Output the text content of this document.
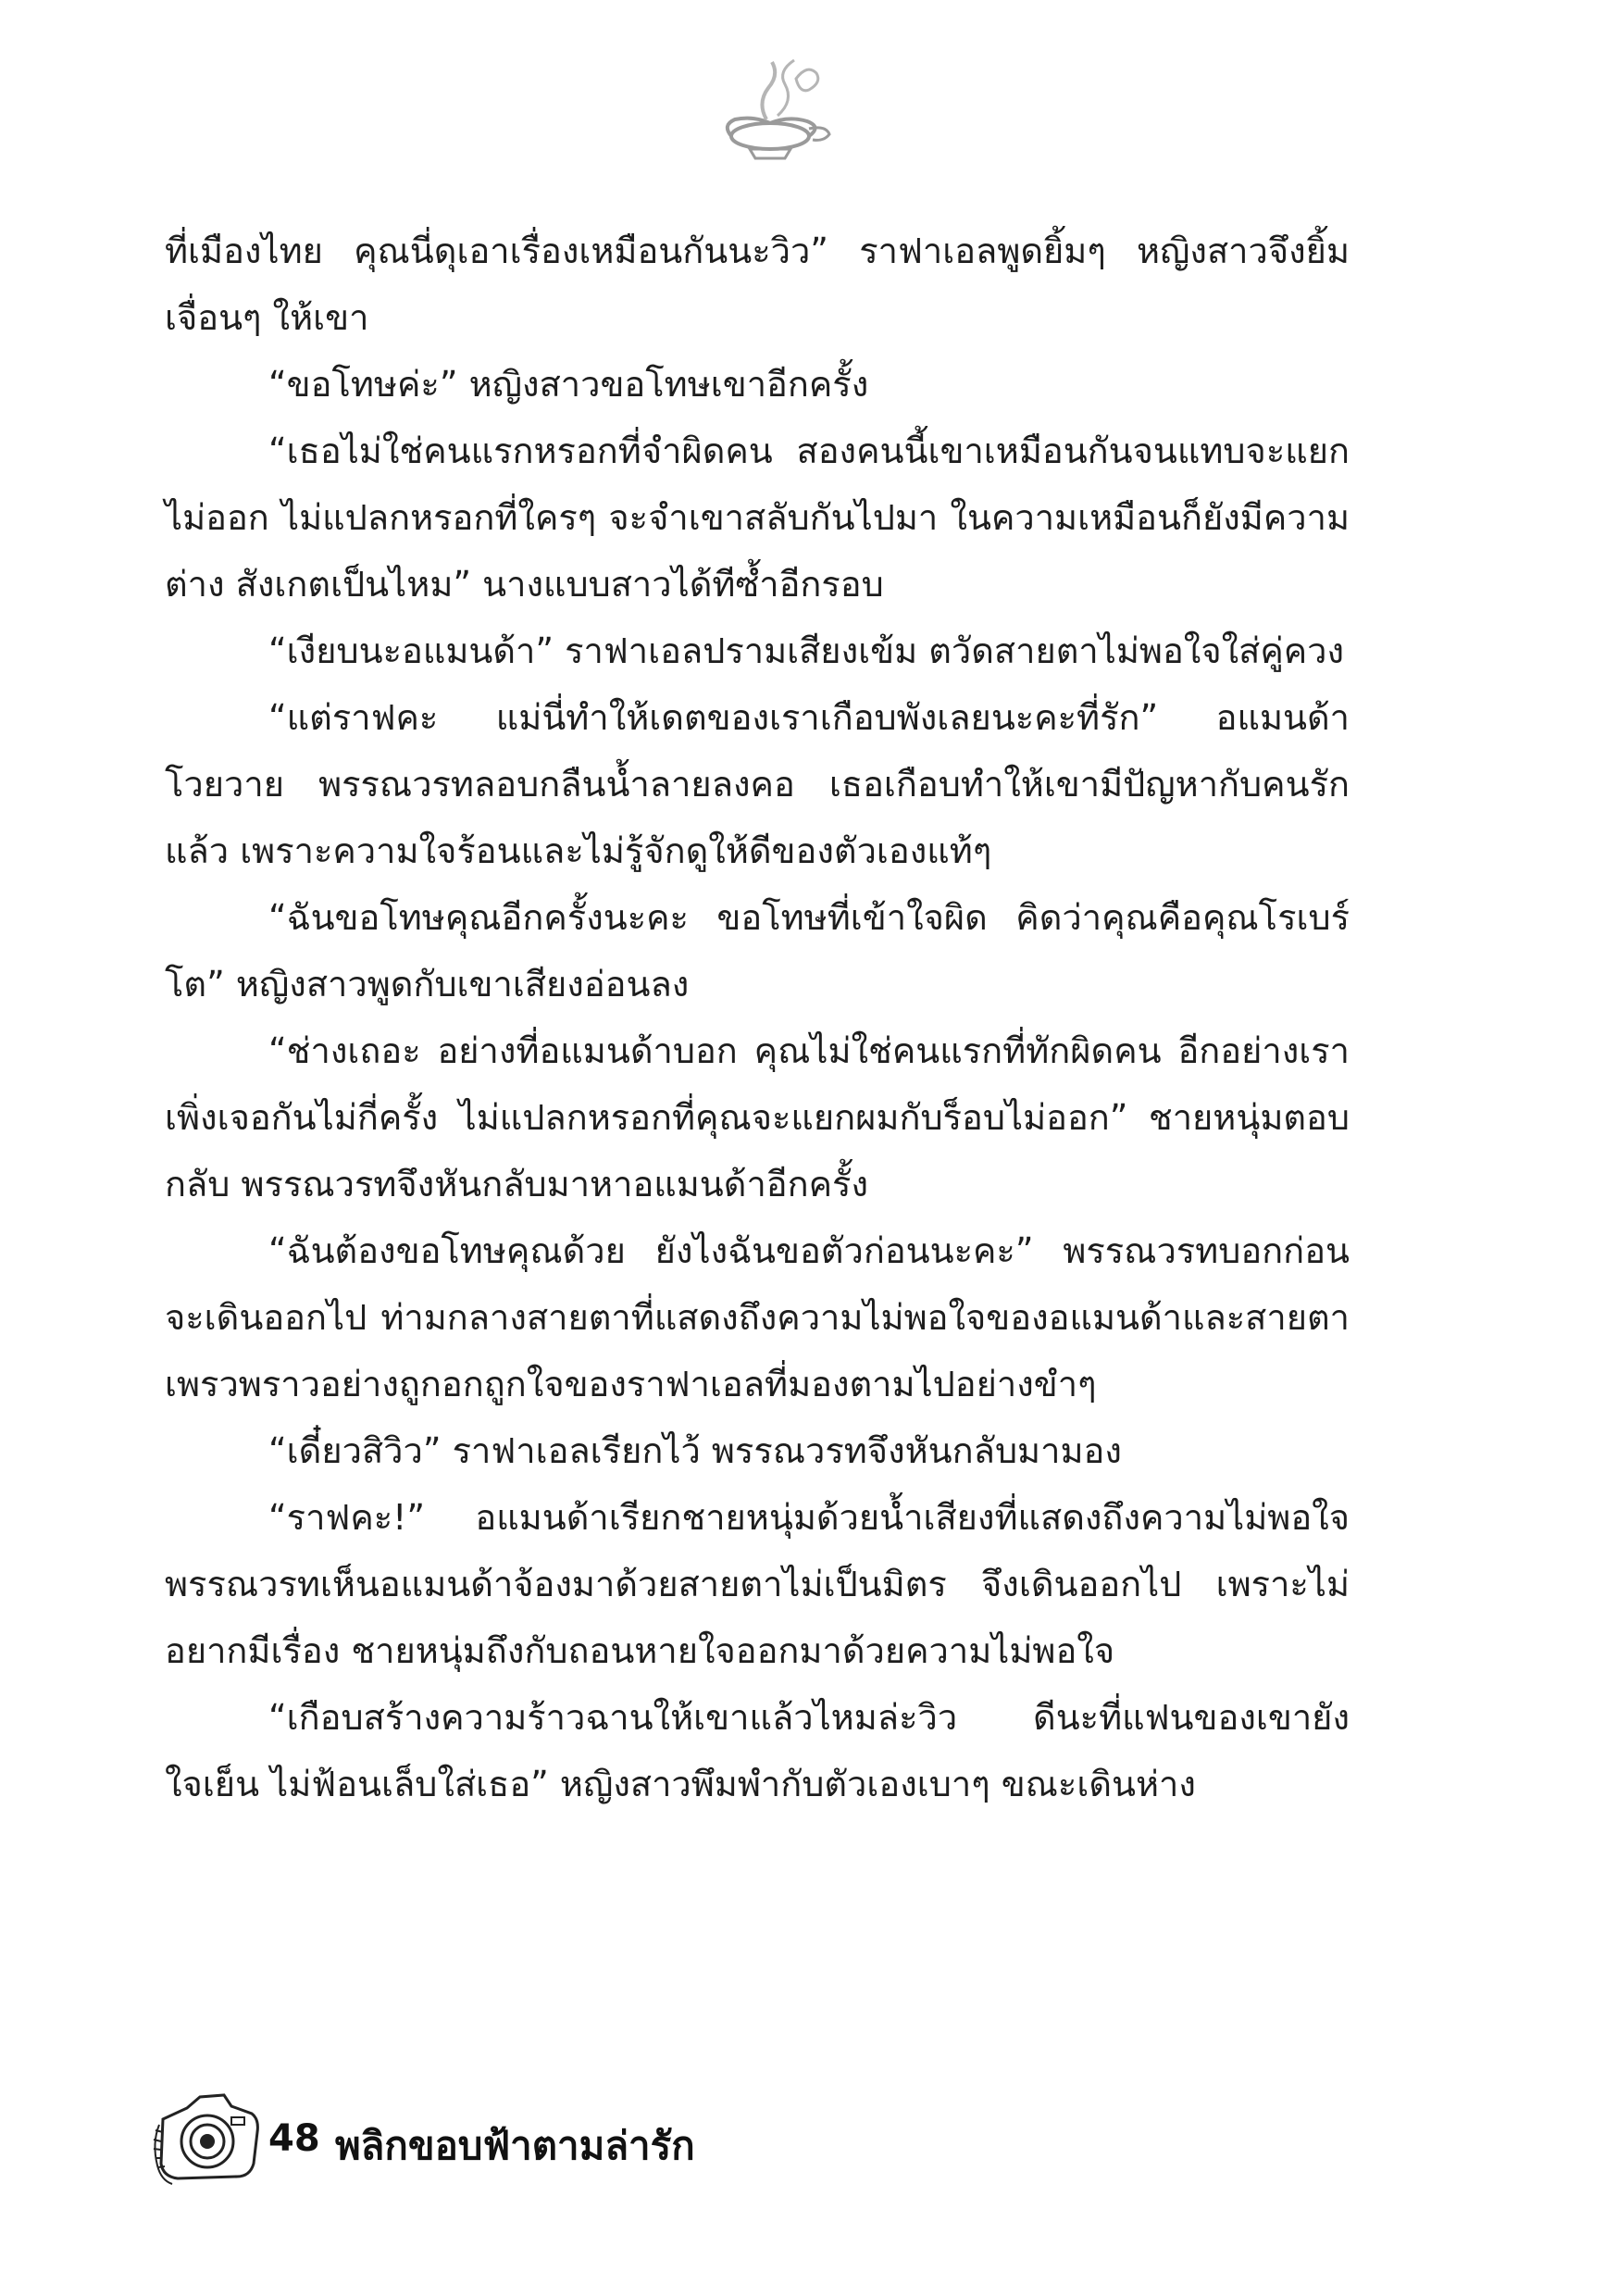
ที่เมืองไทย คุณนี่ดุเอาเรื่องเหมือนกันนะวิว” ราฟาเอลพูดยิ้มๆ หญิงสาวจึงยิ้มเจื่อนๆ ให้เขา

“ขอโทษค่ะ” หญิงสาวขอโทษเขาอีกครั้ง

“เธอไม่ใช่คนแรกหรอกที่จำผิดคน สองคนนี้เขาเหมือนกันจนแทบจะแยกไม่ออก ไม่แปลกหรอกที่ใครๆ จะจำเขาสลับกันไปมา ในความเหมือนก็ยังมีความต่าง สังเกตเป็นไหม” นางแบบสาวได้ทีซ้ำอีกรอบ

“เงียบนะอแมนด้า” ราฟาเอลปรามเสียงเข้ม ตวัดสายตาไม่พอใจใส่คู่ควง

“แต่ราฟคะ แม่นี่ทำให้เดตของเราเกือบพังเลยนะคะที่รัก” อแมนด้าโวยวาย พรรณวรทลอบกลืนน้ำลายลงคอ เธอเกือบทำให้เขามีปัญหากับคนรักแล้ว เพราะความใจร้อนและไม่รู้จักดูให้ดีของตัวเองแท้ๆ

“ฉันขอโทษคุณอีกครั้งนะคะ ขอโทษที่เข้าใจผิด คิดว่าคุณคือคุณโรเบร์โต” หญิงสาวพูดกับเขาเสียงอ่อนลง

“ช่างเถอะ อย่างที่อแมนด้าบอก คุณไม่ใช่คนแรกที่ทักผิดคน อีกอย่างเราเพิ่งเจอกันไม่กี่ครั้ง ไม่แปลกหรอกที่คุณจะแยกผมกับร็อบไม่ออก” ชายหนุ่มตอบกลับ พรรณวรทจึงหันกลับมาหาอแมนด้าอีกครั้ง

“ฉันต้องขอโทษคุณด้วย ยังไงฉันขอตัวก่อนนะคะ” พรรณวรทบอกก่อนจะเดินออกไป ท่ามกลางสายตาที่แสดงถึงความไม่พอใจของอแมนด้าและสายตาเพรวพราวอย่างถูกอกถูกใจของราฟาเอลที่มองตามไปอย่างขำๆ

“เดี๋ยวสิวิว” ราฟาเอลเรียกไว้ พรรณวรทจึงหันกลับมามอง

“ราฟคะ!” อแมนด้าเรียกชายหนุ่มด้วยน้ำเสียงที่แสดงถึงความไม่พอใจ พรรณวรทเห็นอแมนด้าจ้องมาด้วยสายตาไม่เป็นมิตร จึงเดินออกไป เพราะไม่อยากมีเรื่อง ชายหนุ่มถึงกับถอนหายใจออกมาด้วยความไม่พอใจ

“เกือบสร้างความร้าวฉานให้เขาแล้วไหมล่ะวิว ดีนะที่แฟนของเขายังใจเย็น ไม่ฟ้อนเล็บใส่เธอ” หญิงสาวพึมพำกับตัวเองเบาๆ ขณะเดินห่าง

48 พลิกขอบฟ้าตามล่ารัก
